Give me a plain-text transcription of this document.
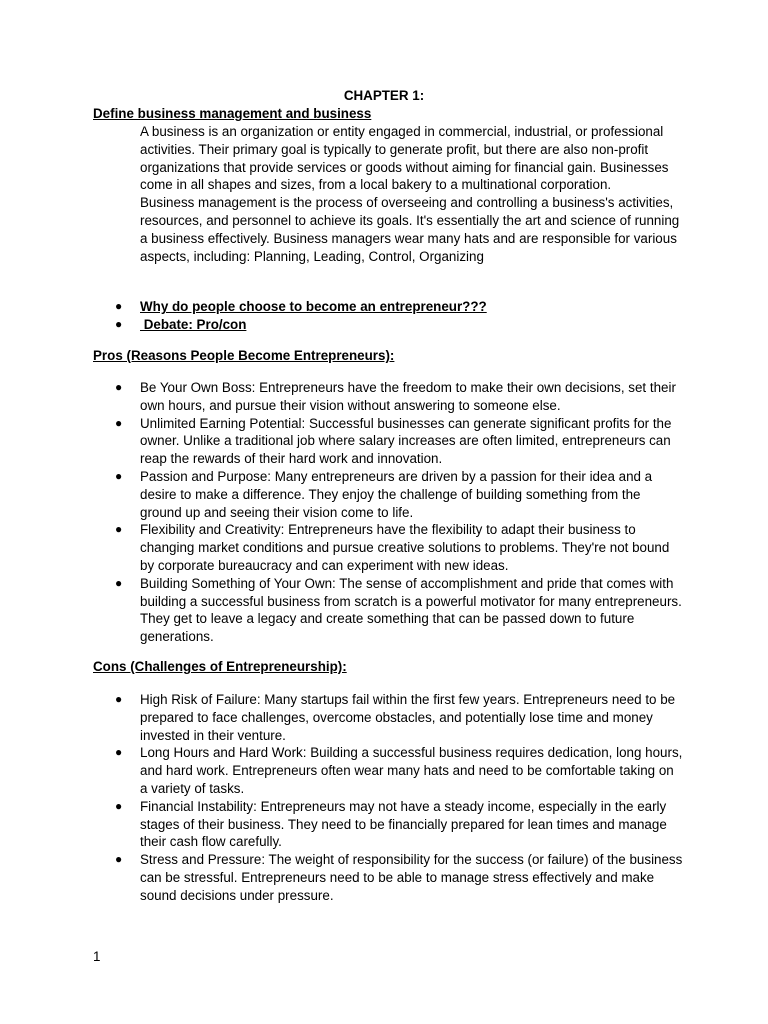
CHAPTER 1:
Define business management and business

A business is an organization or entity engaged in commercial, industrial, or professional activities. Their primary goal is typically to generate profit, but there are also non-profit organizations that provide services or goods without aiming for financial gain. Businesses come in all shapes and sizes, from a local bakery to a multinational corporation.

Business management is the process of overseeing and controlling a business's activities, resources, and personnel to achieve its goals. It's essentially the art and science of running a business effectively. Business managers wear many hats and are responsible for various aspects, including: Planning, Leading, Control, Organizing

● Why do people choose to become an entrepreneur???
● Debate: Pro/con
Pros (Reasons People Become Entrepreneurs):
● Be Your Own Boss: Entrepreneurs have the freedom to make their own decisions, set their own hours, and pursue their vision without answering to someone else.
● Unlimited Earning Potential: Successful businesses can generate significant profits for the owner. Unlike a traditional job where salary increases are often limited, entrepreneurs can reap the rewards of their hard work and innovation.
● Passion and Purpose: Many entrepreneurs are driven by a passion for their idea and a desire to make a difference. They enjoy the challenge of building something from the ground up and seeing their vision come to life.
● Flexibility and Creativity: Entrepreneurs have the flexibility to adapt their business to changing market conditions and pursue creative solutions to problems. They're not bound by corporate bureaucracy and can experiment with new ideas.
● Building Something of Your Own: The sense of accomplishment and pride that comes with building a successful business from scratch is a powerful motivator for many entrepreneurs. They get to leave a legacy and create something that can be passed down to future generations.
Cons (Challenges of Entrepreneurship):
● High Risk of Failure: Many startups fail within the first few years. Entrepreneurs need to be prepared to face challenges, overcome obstacles, and potentially lose time and money invested in their venture.
● Long Hours and Hard Work: Building a successful business requires dedication, long hours, and hard work. Entrepreneurs often wear many hats and need to be comfortable taking on a variety of tasks.
● Financial Instability: Entrepreneurs may not have a steady income, especially in the early stages of their business. They need to be financially prepared for lean times and manage their cash flow carefully.
● Stress and Pressure: The weight of responsibility for the success (or failure) of the business can be stressful. Entrepreneurs need to be able to manage stress effectively and make sound decisions under pressure.
1
